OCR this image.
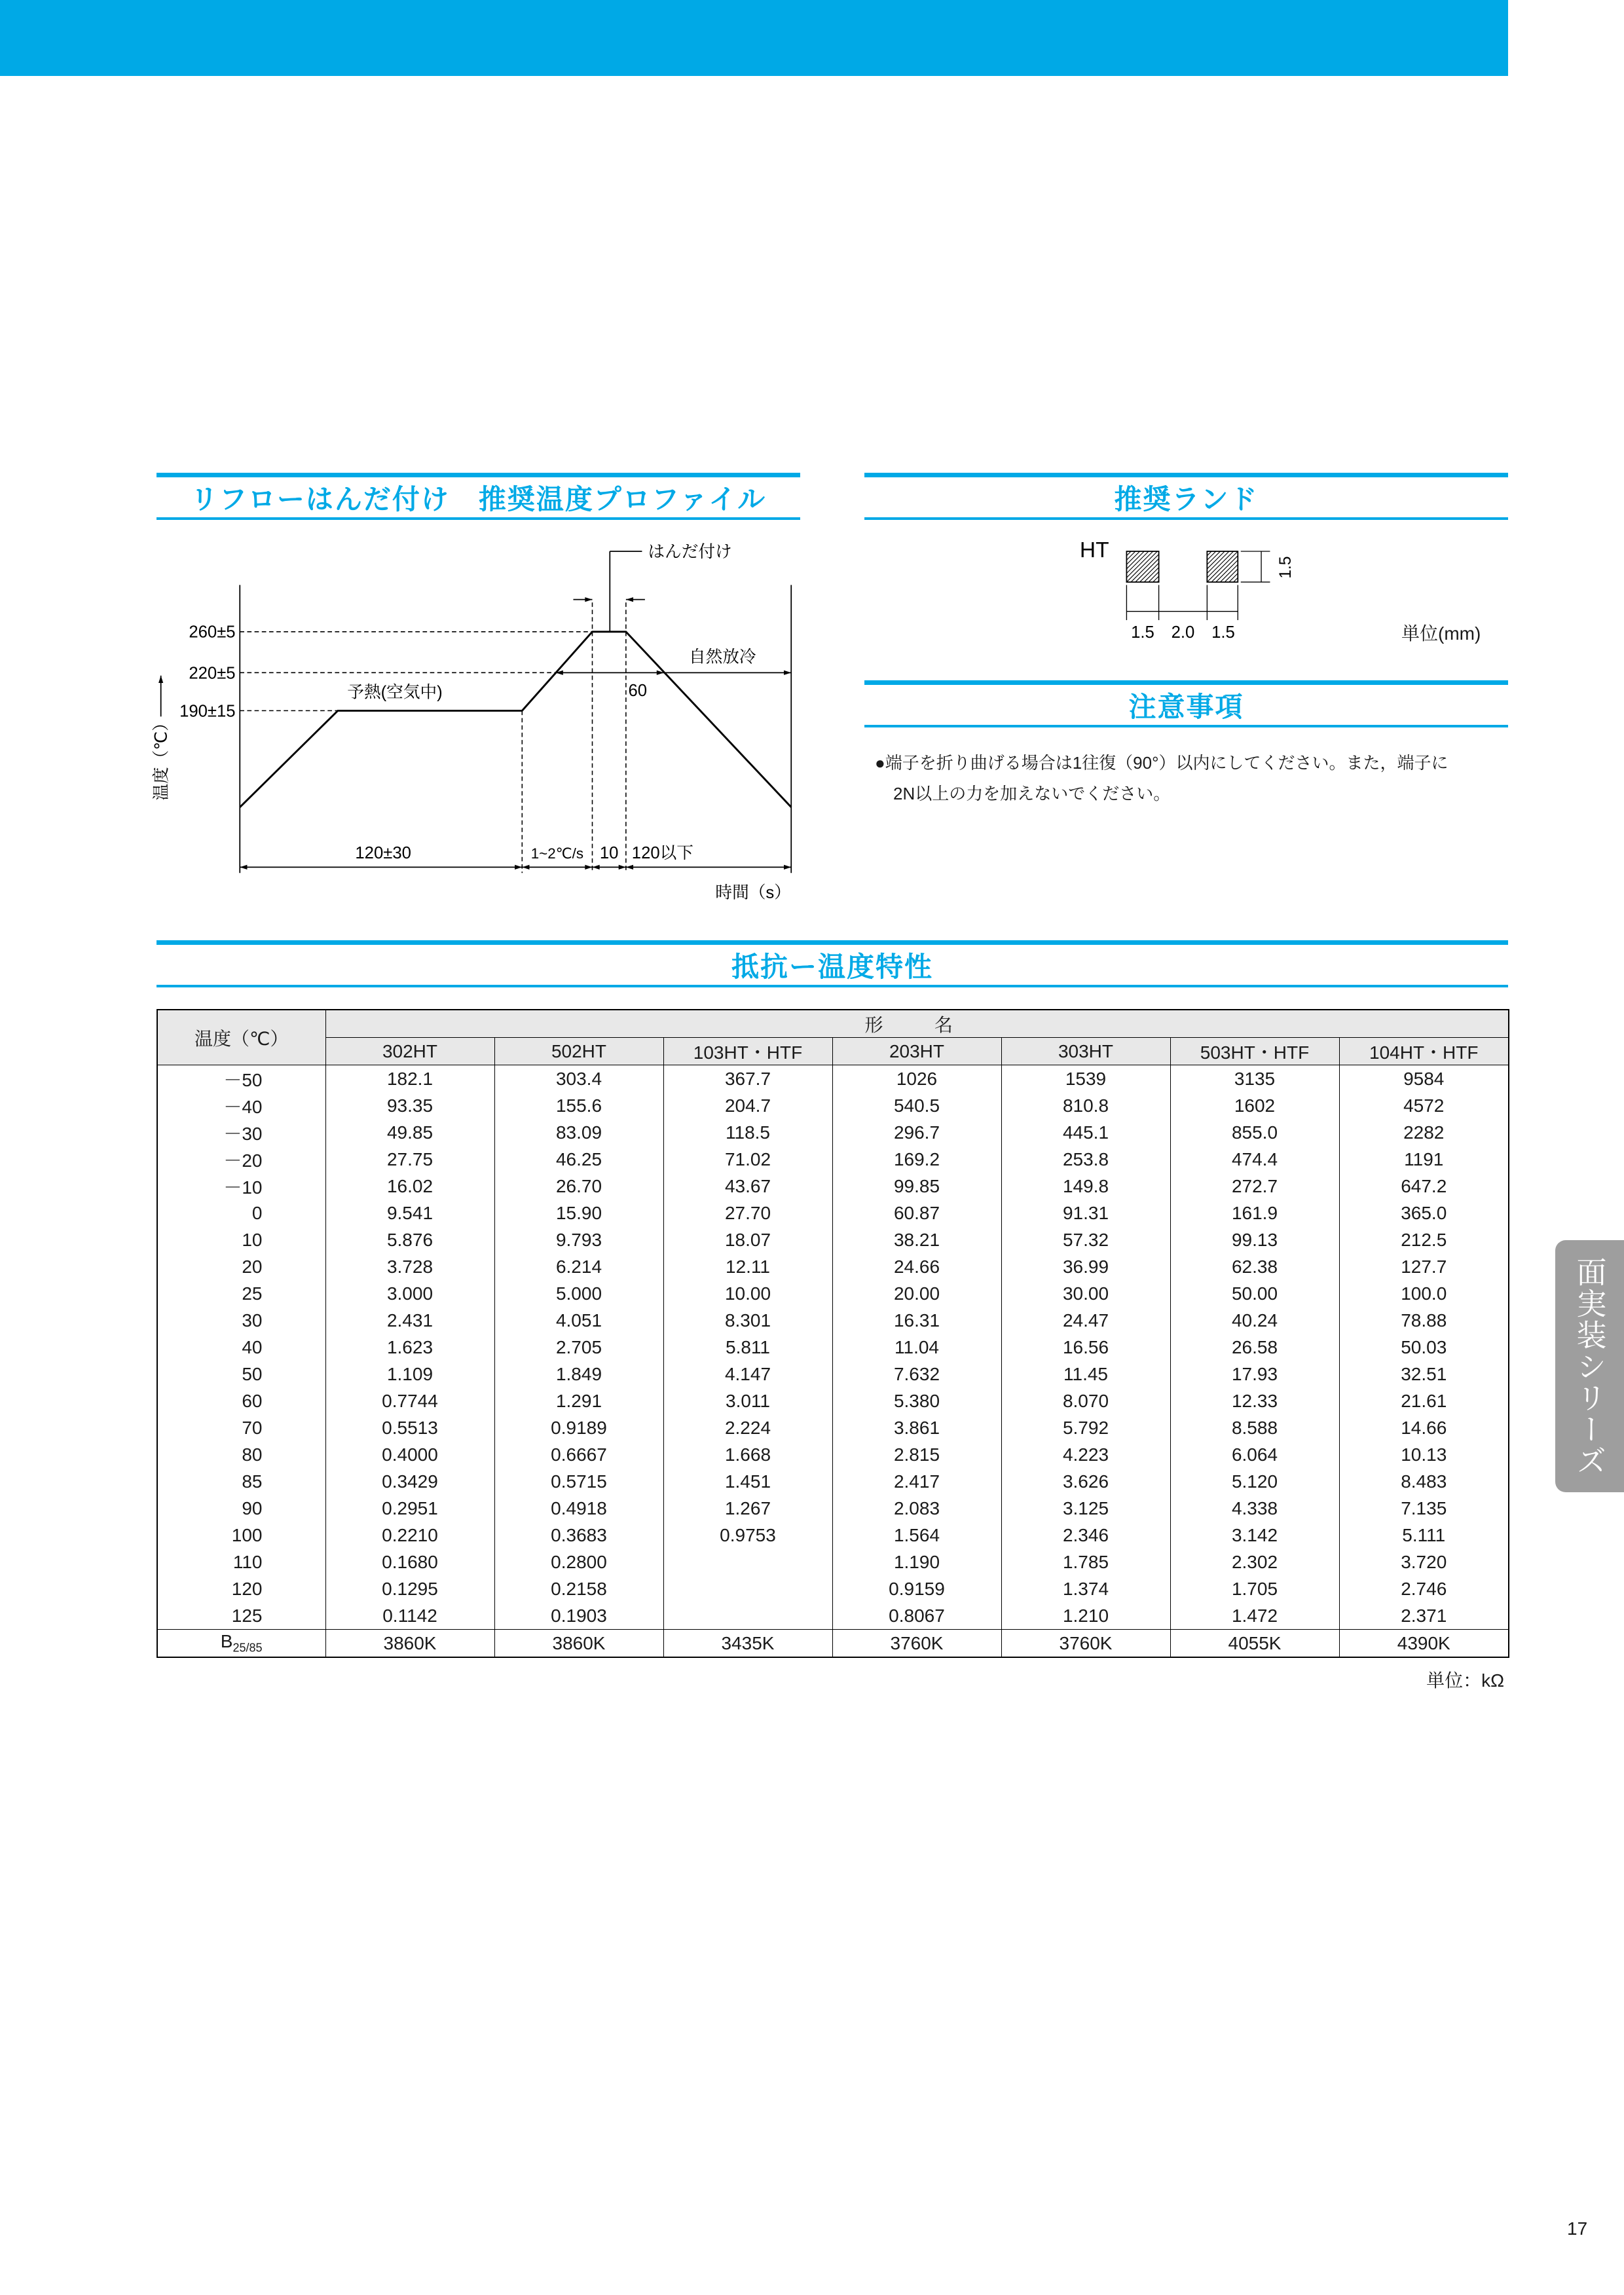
リフローはんだ付け　推奨温度プロファイル
はんだ付け
260±5
220±5
190±15
温度（℃）
予熱(空気中)
自然放冷
60
120±30	1~2℃/s 10 120以下
時間（s）
推奨ランド
HT
1.5
1.5 2.0 1.5	単位(mm)
注意事項
●端子を折り曲げる場合は1往復（90°）以内にしてください。また，端子に
2N以上の力を加えないでください。
抵抗ー温度特性
温度（℃）	形　名						
	302HT	502HT	103HT・HTF	203HT	303HT	503HT・HTF	104HT・HTF
－50	182.1	303.4	367.7	1026	1539	3135	9584
－40	93.35	155.6	204.7	540.5	810.8	1602	4572
－30	49.85	83.09	118.5	296.7	445.1	855.0	2282
－20	27.75	46.25	71.02	169.2	253.8	474.4	1191
－10	16.02	26.70	43.67	99.85	149.8	272.7	647.2
0	9.541	15.90	27.70	60.87	91.31	161.9	365.0
10	5.876	9.793	18.07	38.21	57.32	99.13	212.5
20	3.728	6.214	12.11	24.66	36.99	62.38	127.7
25	3.000	5.000	10.00	20.00	30.00	50.00	100.0
30	2.431	4.051	8.301	16.31	24.47	40.24	78.88
40	1.623	2.705	5.811	11.04	16.56	26.58	50.03
50	1.109	1.849	4.147	7.632	11.45	17.93	32.51
60	0.7744	1.291	3.011	5.380	8.070	12.33	21.61
70	0.5513	0.9189	2.224	3.861	5.792	8.588	14.66
80	0.4000	0.6667	1.668	2.815	4.223	6.064	10.13
85	0.3429	0.5715	1.451	2.417	3.626	5.120	8.483
90	0.2951	0.4918	1.267	2.083	3.125	4.338	7.135
100	0.2210	0.3683	0.9753	1.564	2.346	3.142	5.111
110	0.1680	0.2800		1.190	1.785	2.302	3.720
120	0.1295	0.2158		0.9159	1.374	1.705	2.746
125	0.1142	0.1903		0.8067	1.210	1.472	2.371
$B_{25/85}$	3860K	3860K	3435K	3760K	3760K	4055K	4390K
単位：kΩ
面実装シリーズ
17
